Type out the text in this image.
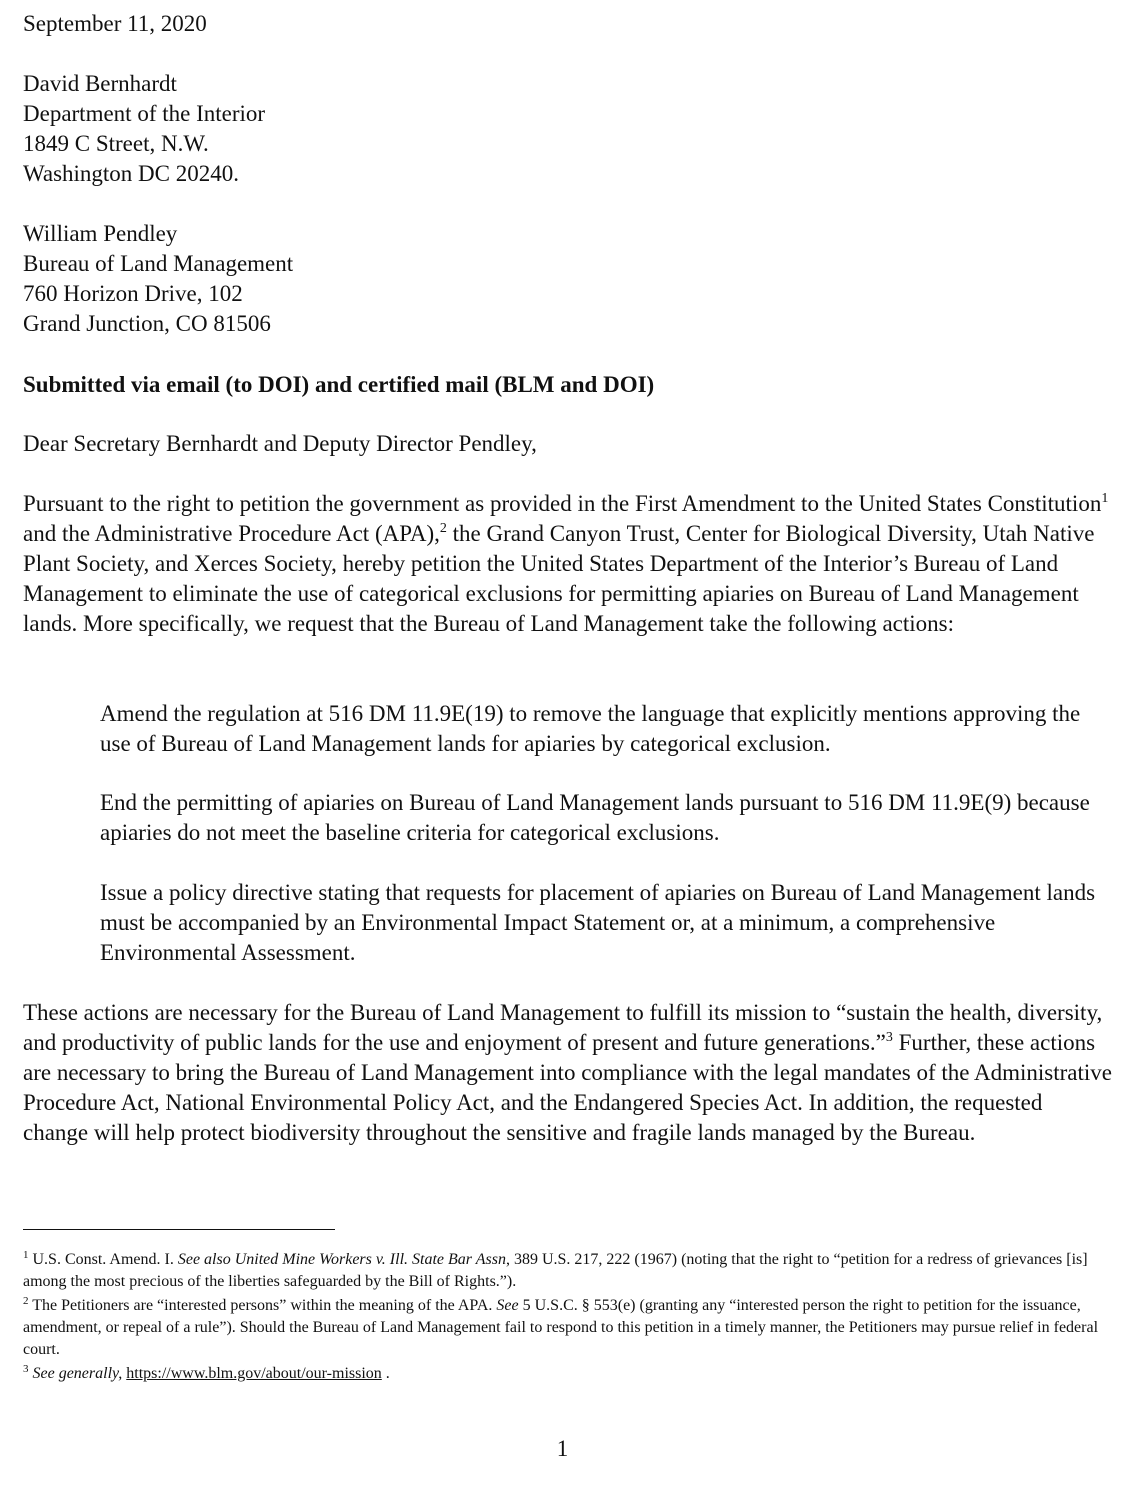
September 11, 2020

David Bernhardt

Department of the Interior

1849 C Street, N.W.

Washington DC 20240.

William Pendley

Bureau of Land Management

760 Horizon Drive, 102

Grand Junction, CO 81506

Submitted via email (to DOI) and certified mail (BLM and DOI)

Dear Secretary Bernhardt and Deputy Director Pendley,

Pursuant to the right to petition the government as provided in the First Amendment to the United States Constitution$^1$ and the Administrative Procedure Act (APA),$^2$ the Grand Canyon Trust, Center for Biological Diversity, Utah Native Plant Society, and Xerces Society, hereby petition the United States Department of the Interior’s Bureau of Land Management to eliminate the use of categorical exclusions for permitting apiaries on Bureau of Land Management lands. More specifically, we request that the Bureau of Land Management take the following actions:

Amend the regulation at 516 DM 11.9E(19) to remove the language that explicitly mentions approving the use of Bureau of Land Management lands for apiaries by categorical exclusion.

End the permitting of apiaries on Bureau of Land Management lands pursuant to 516 DM 11.9E(9) because apiaries do not meet the baseline criteria for categorical exclusions.

Issue a policy directive stating that requests for placement of apiaries on Bureau of Land Management lands must be accompanied by an Environmental Impact Statement or, at a minimum, a comprehensive Environmental Assessment.

These actions are necessary for the Bureau of Land Management to fulfill its mission to “sustain the health, diversity, and productivity of public lands for the use and enjoyment of present and future generations.”$^3$ Further, these actions are necessary to bring the Bureau of Land Management into compliance with the legal mandates of the Administrative Procedure Act, National Environmental Policy Act, and the Endangered Species Act. In addition, the requested change will help protect biodiversity throughout the sensitive and fragile lands managed by the Bureau.

$^1$ U.S. Const. Amend. I. See also United Mine Workers v. Ill. State Bar Assn, 389 U.S. 217, 222 (1967) (noting that the right to “petition for a redress of grievances [is] among the most precious of the liberties safeguarded by the Bill of Rights.”).

$^2$ The Petitioners are “interested persons” within the meaning of the APA. See 5 U.S.C. § 553(e) (granting any “interested person the right to petition for the issuance, amendment, or repeal of a rule”). Should the Bureau of Land Management fail to respond to this petition in a timely manner, the Petitioners may pursue relief in federal court.

$^3$ See generally, https://www.blm.gov/about/our-mission .

1
